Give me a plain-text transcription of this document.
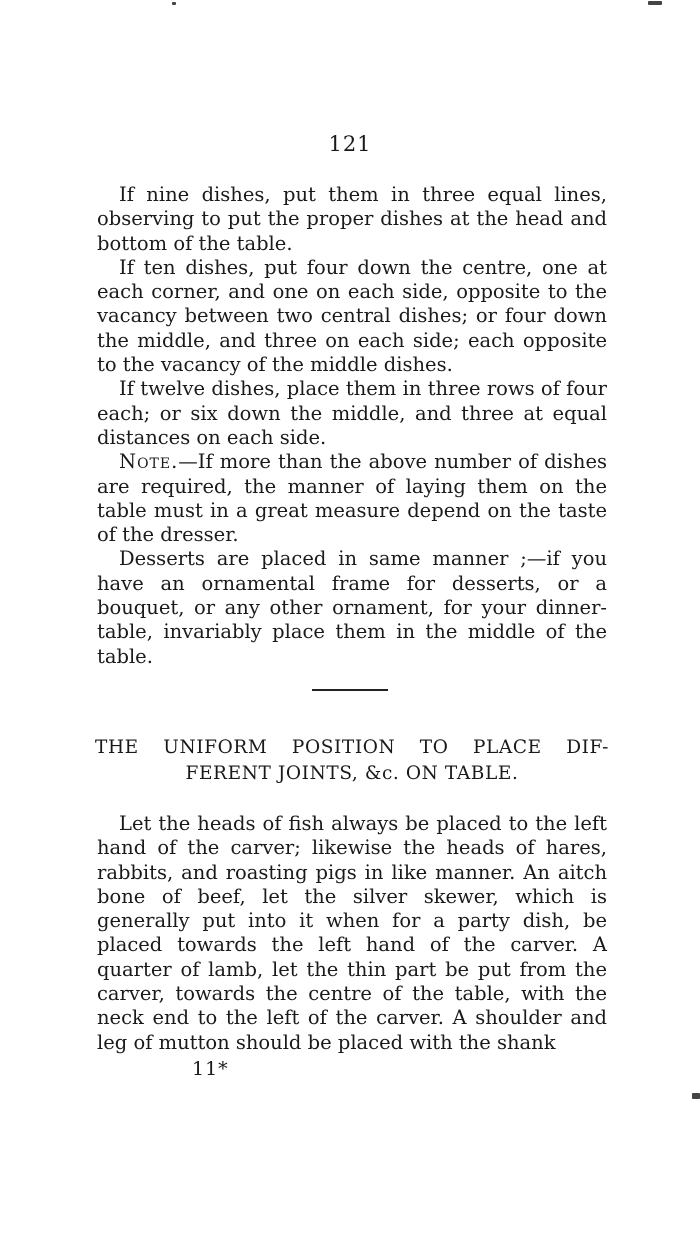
121

If nine dishes, put them in three equal lines, observing to put the proper dishes at the head and bottom of the table.

If ten dishes, put four down the centre, one at each corner, and one on each side, opposite to the vacancy between two central dishes; or four down the middle, and three on each side; each opposite to the vacancy of the middle dishes.

If twelve dishes, place them in three rows of four each; or six down the middle, and three at equal distances on each side.

Note.—If more than the above number of dishes are required, the manner of laying them on the table must in a great measure depend on the taste of the dresser.

Desserts are placed in same manner ;—if you have an ornamental frame for desserts, or a bouquet, or any other ornament, for your dinner-table, invariably place them in the middle of the table.

THE UNIFORM POSITION TO PLACE DIF-
FERENT JOINTS, &c. ON TABLE.

Let the heads of fish always be placed to the left hand of the carver; likewise the heads of hares, rabbits, and roasting pigs in like manner. An aitch bone of beef, let the silver skewer, which is generally put into it when for a party dish, be placed towards the left hand of the carver. A quarter of lamb, let the thin part be put from the carver, towards the centre of the table, with the neck end to the left of the carver. A shoulder and leg of mutton should be placed with the shank

11*
